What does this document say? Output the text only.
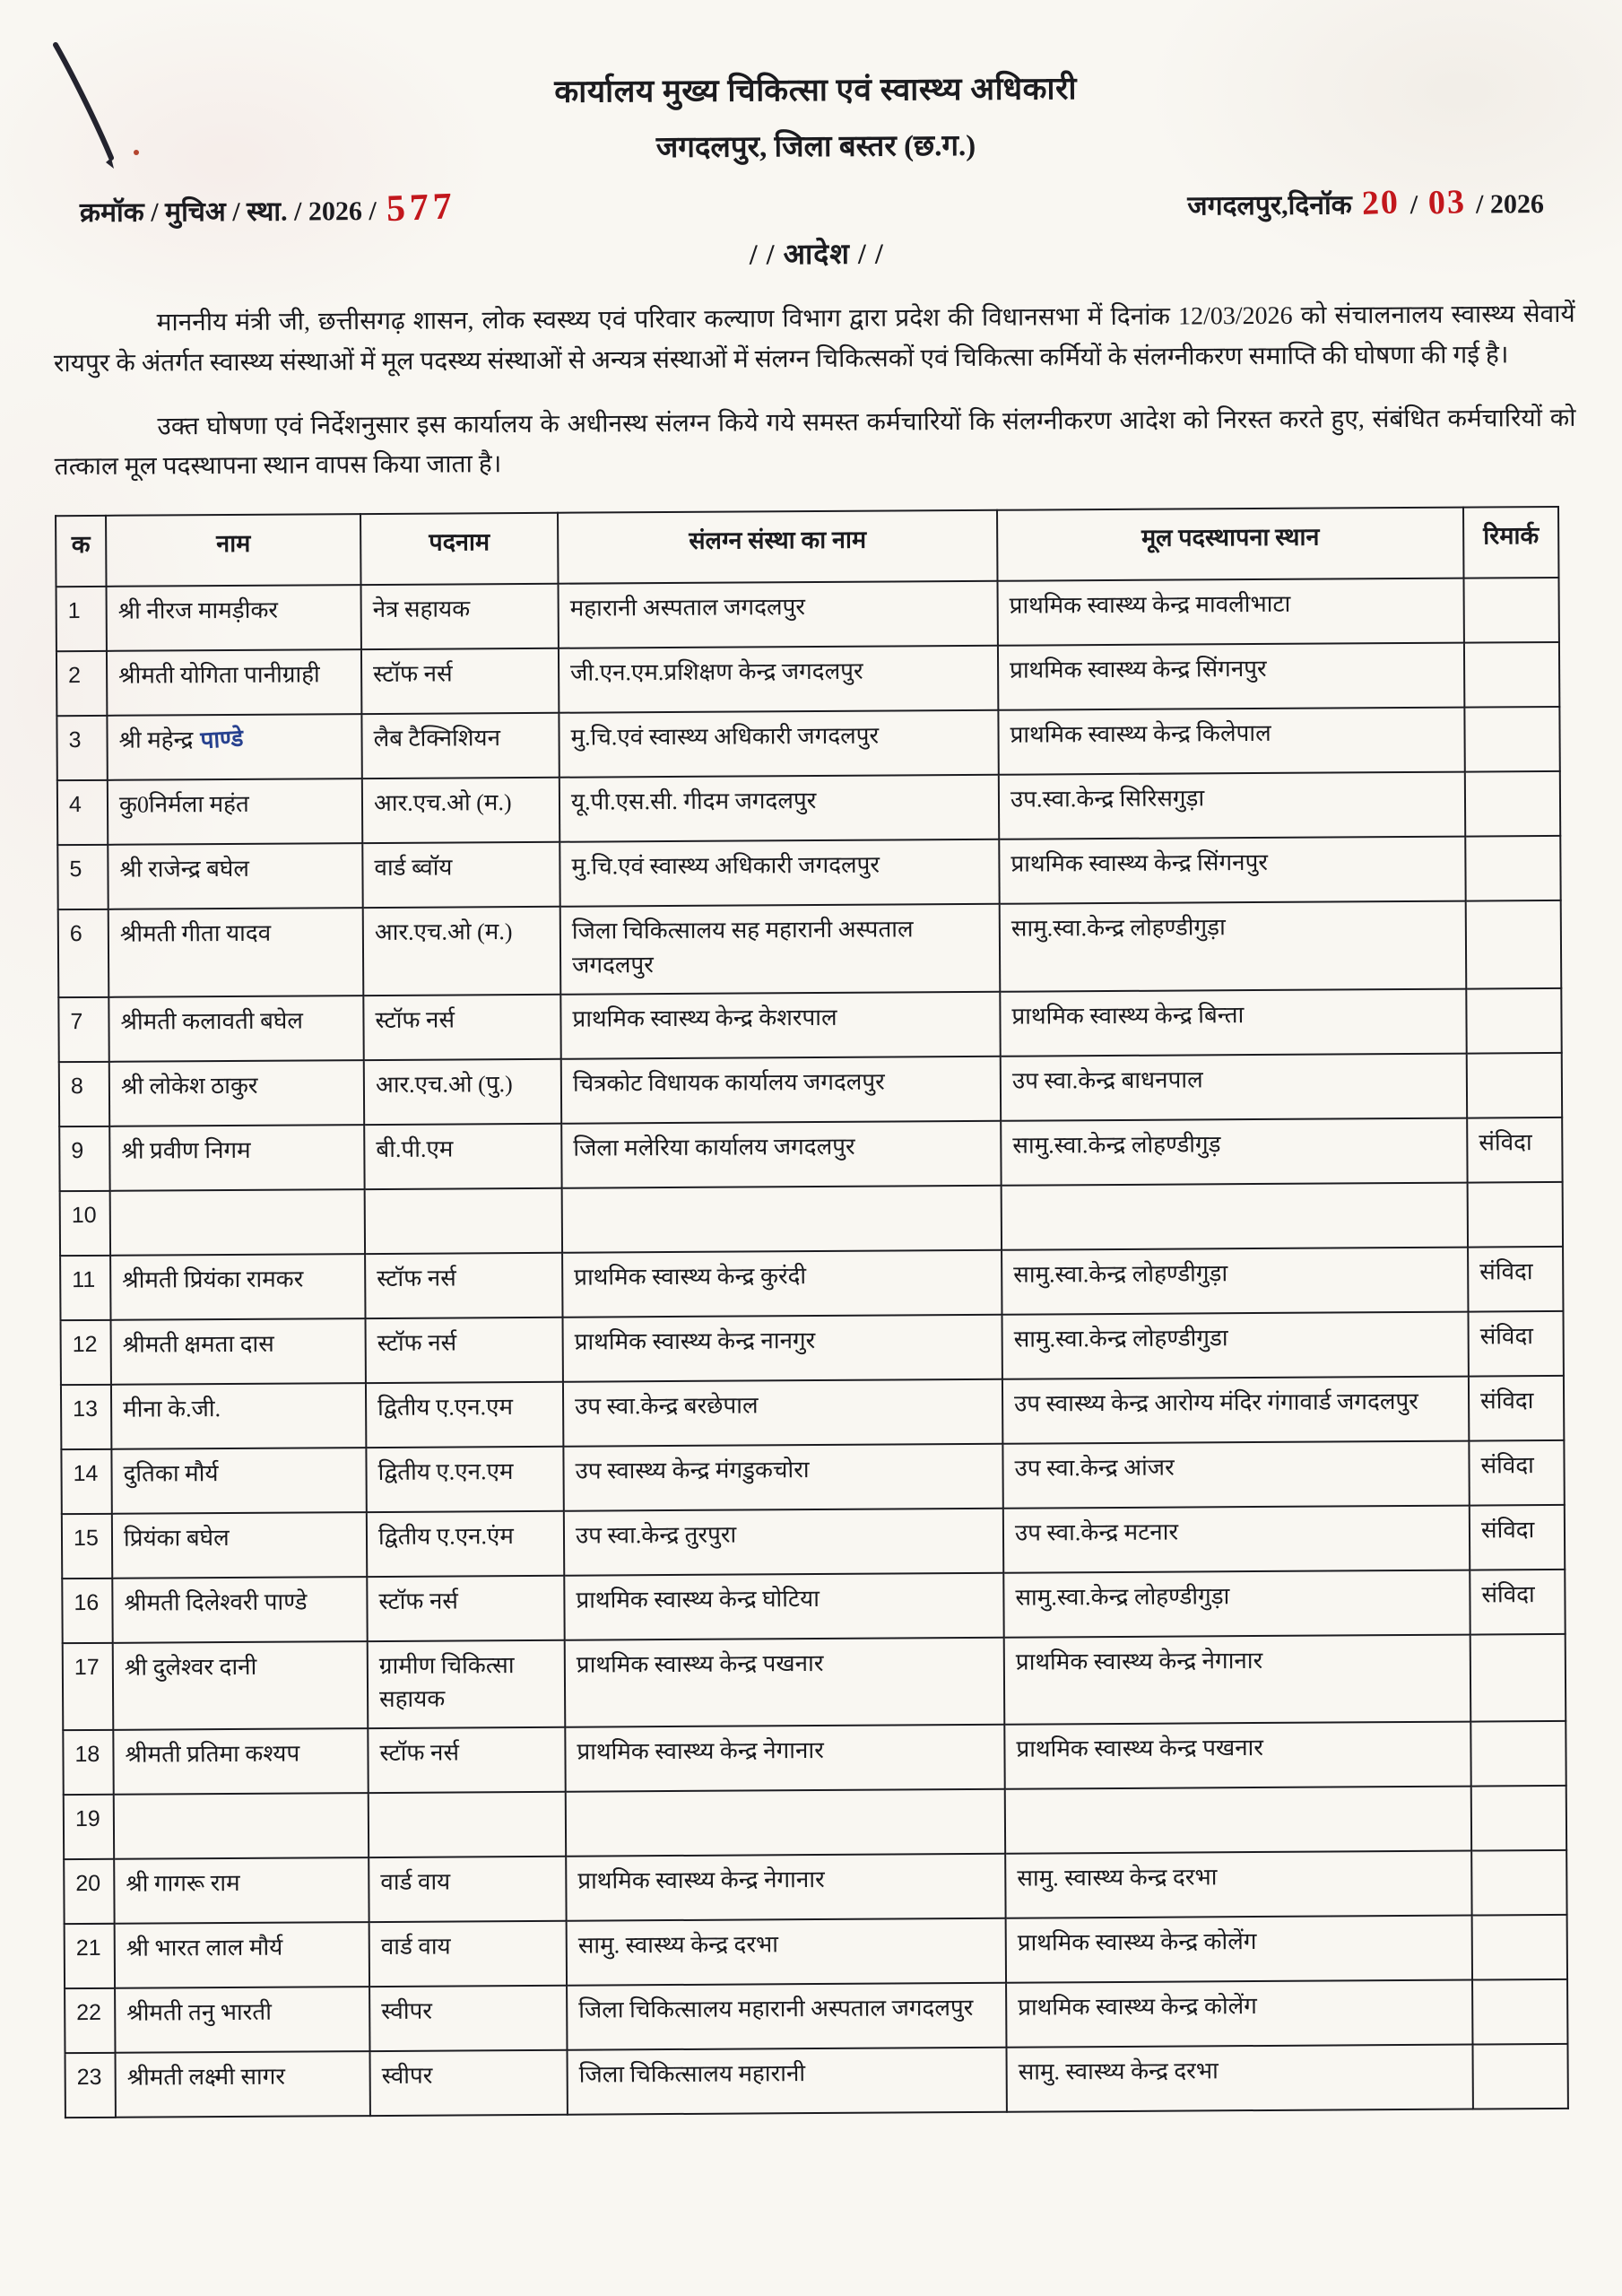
कार्यालय मुख्य चिकित्सा एवं स्वास्थ्य अधिकारी
जगदलपुर, जिला बस्तर (छ.ग.)
क्रमॉक / मुचिअ / स्था. / 2026 / 577	जगदलपुर,दिनॉक 20 / 03 / 2026
/ / आदेश / /

माननीय मंत्री जी, छत्तीसगढ़ शासन, लोक स्वस्थ्य एवं परिवार कल्याण विभाग द्वारा प्रदेश की विधानसभा में दिनांक 12/03/2026 को संचालनालय स्वास्थ्य सेवायें रायपुर के अंतर्गत स्वास्थ्य संस्थाओं में मूल पदस्थ्य संस्थाओं से अन्यत्र संस्थाओं में संलग्न चिकित्सकों एवं चिकित्सा कर्मियों के संलग्नीकरण समाप्ति की घोषणा की गई है।

उक्त घोषणा एवं निर्देशनुसार इस कार्यालय के अधीनस्थ संलग्न किये गये समस्त कर्मचारियों कि संलग्नीकरण आदेश को निरस्त करते हुए, संबंधित कर्मचारियों को तत्काल मूल पदस्थापना स्थान वापस किया जाता है।

क	नाम	पदनाम	संलग्न संस्था का नाम	मूल पदस्थापना स्थान	रिमार्क
1	श्री नीरज मामड़ीकर	नेत्र सहायक	महारानी अस्पताल जगदलपुर	प्राथमिक स्वास्थ्य केन्द्र मावलीभाटा	
2	श्रीमती योगिता पानीग्राही	स्टॉफ नर्स	जी.एन.एम.प्रशिक्षण केन्द्र जगदलपुर	प्राथमिक स्वास्थ्य केन्द्र सिंगनपुर	
3	श्री महेन्द्र पाण्डे	लैब टैक्निशियन	मु.चि.एवं स्वास्थ्य अधिकारी जगदलपुर	प्राथमिक स्वास्थ्य केन्द्र किलेपाल	
4	कु0निर्मला महंत	आर.एच.ओ (म.)	यू.पी.एस.सी. गीदम जगदलपुर	उप.स्वा.केन्द्र सिरिसगुड़ा	
5	श्री राजेन्द्र बघेल	वार्ड ब्वॉय	मु.चि.एवं स्वास्थ्य अधिकारी जगदलपुर	प्राथमिक स्वास्थ्य केन्द्र सिंगनपुर	
6	श्रीमती गीता यादव	आर.एच.ओ (म.)	जिला चिकित्सालय सह महारानी अस्पताल जगदलपुर	सामु.स्वा.केन्द्र लोहण्डीगुड़ा	
7	श्रीमती कलावती बघेल	स्टॉफ नर्स	प्राथमिक स्वास्थ्य केन्द्र केशरपाल	प्राथमिक स्वास्थ्य केन्द्र बिन्ता	
8	श्री लोकेश ठाकुर	आर.एच.ओ (पु.)	चित्रकोट विधायक कार्यालय जगदलपुर	उप स्वा.केन्द्र बाधनपाल	
9	श्री प्रवीण निगम	बी.पी.एम	जिला मलेरिया कार्यालय जगदलपुर	सामु.स्वा.केन्द्र लोहण्डीगुड़	संविदा
10					
11	श्रीमती प्रियंका रामकर	स्टॉफ नर्स	प्राथमिक स्वास्थ्य केन्द्र कुरंदी	सामु.स्वा.केन्द्र लोहण्डीगुड़ा	संविदा
12	श्रीमती क्षमता दास	स्टॉफ नर्स	प्राथमिक स्वास्थ्य केन्द्र नानगुर	सामु.स्वा.केन्द्र लोहण्डीगुडा	संविदा
13	मीना के.जी.	द्वितीय ए.एन.एम	उप स्वा.केन्द्र बरछेपाल	उप स्वास्थ्य केन्द्र आरोग्य मंदिर गंगावार्ड जगदलपुर	संविदा
14	दुतिका मौर्य	द्वितीय ए.एन.एम	उप स्वास्थ्य केन्द्र मंगडुकचोरा	उप स्वा.केन्द्र आंजर	संविदा
15	प्रियंका बघेल	द्वितीय ए.एन.एंम	उप स्वा.केन्द्र तुरपुरा	उप स्वा.केन्द्र मटनार	संविदा
16	श्रीमती दिलेश्वरी पाण्डे	स्टॉफ नर्स	प्राथमिक स्वास्थ्य केन्द्र घोटिया	सामु.स्वा.केन्द्र लोहण्डीगुड़ा	संविदा
17	श्री दुलेश्वर दानी	ग्रामीण चिकित्सा सहायक	प्राथमिक स्वास्थ्य केन्द्र पखनार	प्राथमिक स्वास्थ्य केन्द्र नेगानार	
18	श्रीमती प्रतिमा कश्यप	स्टॉफ नर्स	प्राथमिक स्वास्थ्य केन्द्र नेगानार	प्राथमिक स्वास्थ्य केन्द्र पखनार	
19					
20	श्री गागरू राम	वार्ड वाय	प्राथमिक स्वास्थ्य केन्द्र नेगानार	सामु. स्वास्थ्य केन्द्र दरभा	
21	श्री भारत लाल मौर्य	वार्ड वाय	सामु. स्वास्थ्य केन्द्र दरभा	प्राथमिक स्वास्थ्य केन्द्र कोलेंग	
22	श्रीमती तनु भारती	स्वीपर	जिला चिकित्सालय महारानी अस्पताल जगदलपुर	प्राथमिक स्वास्थ्य केन्द्र कोलेंग	
23	श्रीमती लक्ष्मी सागर	स्वीपर	जिला चिकित्सालय महारानी	सामु. स्वास्थ्य केन्द्र दरभा	
